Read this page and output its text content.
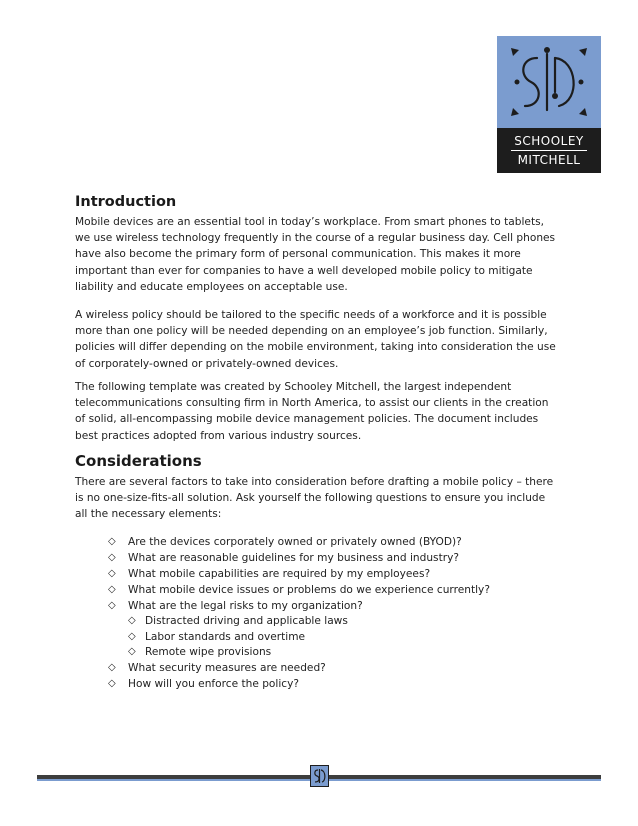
SCHOOLEY
MITCHELL
Introduction

Mobile devices are an essential tool in today’s workplace. From smart phones to tablets,
we use wireless technology frequently in the course of a regular business day. Cell phones
have also become the primary form of personal communication. This makes it more
important than ever for companies to have a well developed mobile policy to mitigate
liability and educate employees on acceptable use.

A wireless policy should be tailored to the specific needs of a workforce and it is possible
more than one policy will be needed depending on an employee’s job function. Similarly,
policies will differ depending on the mobile environment, taking into consideration the use
of corporately-owned or privately-owned devices.

The following template was created by Schooley Mitchell, the largest independent
telecommunications consulting firm in North America, to assist our clients in the creation
of solid, all-encompassing mobile device management policies. The document includes
best practices adopted from various industry sources.

Considerations

There are several factors to take into consideration before drafting a mobile policy – there
is no one-size-fits-all solution. Ask yourself the following questions to ensure you include
all the necessary elements:

◇ Are the devices corporately owned or privately owned (BYOD)?
◇ What are reasonable guidelines for my business and industry?
◇ What mobile capabilities are required by my employees?
◇ What mobile device issues or problems do we experience currently?
◇ What are the legal risks to my organization?
◇ Distracted driving and applicable laws
◇ Labor standards and overtime
◇ Remote wipe provisions
◇ What security measures are needed?
◇ How will you enforce the policy?
